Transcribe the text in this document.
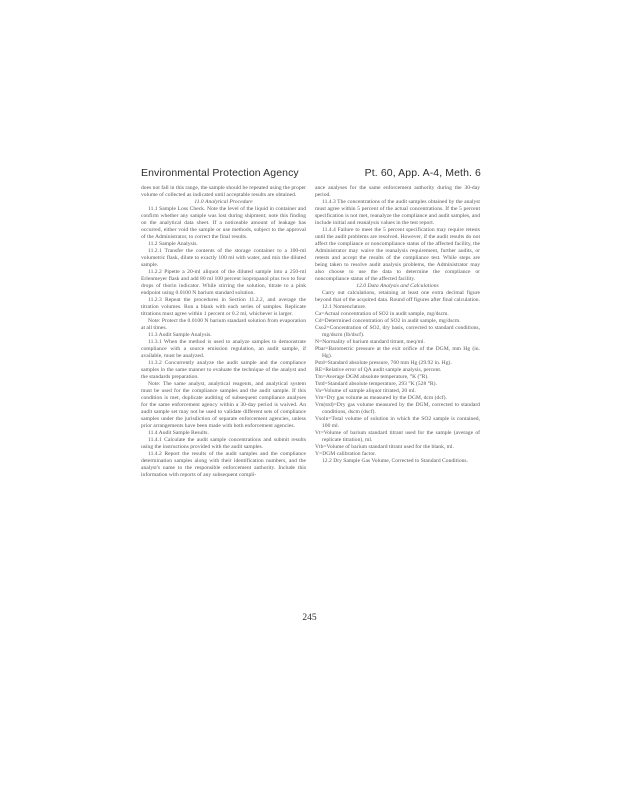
Environmental Protection Agency	Pt. 60, App. A-4, Meth. 6

does not fall in this range, the sample should be repeated using the proper volume of collected as indicated until acceptable results are obtained.

11.0 Analytical Procedure

11.1 Sample Loss Check. Note the level of the liquid in container and confirm whether any sample was lost during shipment; note this finding on the analytical data sheet. If a noticeable amount of leakage has occurred, either void the sample or use methods, subject to the approval of the Administrator, to correct the final results.

11.2 Sample Analysis.

11.2.1 Transfer the contents of the storage container to a 100-ml volumetric flask, dilute to exactly 100 ml with water, and mix the diluted sample.

11.2.2 Pipette a 20-ml aliquot of the diluted sample into a 250-ml Erlenmeyer flask and add 80 ml 100 percent isopropanol plus two to four drops of thorin indicator. While stirring the solution, titrate to a pink endpoint using 0.0100 N barium standard solution.

11.2.3 Repeat the procedures in Section 11.2.2, and average the titration volumes. Run a blank with each series of samples. Replicate titrations must agree within 1 percent or 0.2 ml, whichever is larger.

Note: Protect the 0.0100 N barium standard solution from evaporation at all times.

11.3 Audit Sample Analysis.

11.3.1 When the method is used to analyze samples to demonstrate compliance with a source emission regulation, an audit sample, if available, must be analyzed.

11.3.2 Concurrently analyze the audit sample and the compliance samples in the same manner to evaluate the technique of the analyst and the standards preparation.

Note: The same analyst, analytical reagents, and analytical system must be used for the compliance samples and the audit sample. If this condition is met, duplicate auditing of subsequent compliance analyses for the same enforcement agency within a 30-day period is waived. An audit sample set may not be used to validate different sets of compliance samples under the jurisdiction of separate enforcement agencies, unless prior arrangements have been made with both enforcement agencies.

11.4 Audit Sample Results.

11.4.1 Calculate the audit sample concentrations and submit results using the instructions provided with the audit samples.

11.4.2 Report the results of the audit samples and the compliance determination samples along with their identification numbers, and the analyst's name to the responsible enforcement authority. Include this information with reports of any subsequent compli-

ance analyses for the same enforcement authority during the 30-day period.

11.4.3 The concentrations of the audit samples obtained by the analyst must agree within 5 percent of the actual concentrations. If the 5 percent specification is not met, reanalyze the compliance and audit samples, and include initial and reanalysis values in the test report.

11.4.4 Failure to meet the 5 percent specification may require retests until the audit problems are resolved. However, if the audit results do not affect the compliance or noncompliance status of the affected facility, the Administrator may waive the reanalysis requirement, further audits, or retests and accept the results of the compliance test. While steps are being taken to resolve audit analysis problems, the Administrator may also choose to use the data to determine the compliance or noncompliance status of the affected facility.

12.0 Data Analysis and Calculations

Carry out calculations, retaining at least one extra decimal figure beyond that of the acquired data. Round off figures after final calculation.

12.1 Nomenclature.

Ca=Actual concentration of SO2 in audit sample, mg/dscm.

Cd=Determined concentration of SO2 in audit sample, mg/dscm.

Cso2=Concentration of SO2, dry basis, corrected to standard conditions, mg/dscm (lb/dscf).

N=Normality of barium standard titrant, meq/ml.

Pbar=Barometric pressure at the exit orifice of the DGM, mm Hg (in. Hg).

Pstd=Standard absolute pressure, 760 mm Hg (29.92 in. Hg).

RE=Relative error of QA audit sample analysis, percent.

Tm=Average DGM absolute temperature, °K (°R).

Tstd=Standard absolute temperature, 293 °K (528 °R).

Va=Volume of sample aliquot titrated, 20 ml.

Vm=Dry gas volume as measured by the DGM, dcm (dcf).

Vm(std)=Dry gas volume measured by the DGM, corrected to standard conditions, dscm (dscf).

Vsoln=Total volume of solution in which the SO2 sample is contained, 100 ml.

Vt=Volume of barium standard titrant used for the sample (average of replicate titration), ml.

Vtb=Volume of barium standard titrant used for the blank, ml.

Y=DGM calibration factor.

12.2 Dry Sample Gas Volume, Corrected to Standard Conditions.

245
